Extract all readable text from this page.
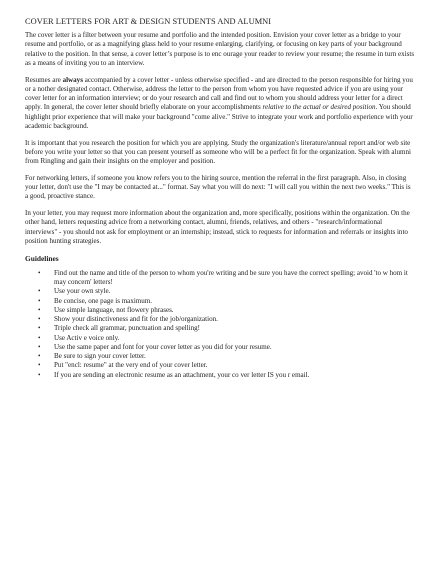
COVER LETTERS FOR ART & DESIGN STUDENTS AND ALUMNI

The cover letter is a filter between your resume and portfolio and the intended position. Envision your cover letter as a bridge to your resume and portfolio, or as a magnifying glass held to your resume enlarging, clarifying, or focusing on key parts of your background relative to the position. In that sense, a cover letter’s purpose is to enc ourage your reader to review your resume; the resume in turn exists as a means of inviting you to an interview.

Resumes are always accompanied by a cover letter - unless otherwise specified - and are directed to the person responsible for hiring you or a nother designated contact. Otherwise, address the letter to the person from whom you have requested advice if you are using your cover letter for an information interview; or do your research and call and find out to whom you should address your letter for a direct apply. In general, the cover letter should briefly elaborate on your accomplishments relative to the actual or desired position. You should highlight prior experience that will make your background "come alive." Strive to integrate your work and portfolio experience with your academic background.

It is important that you research the position for which you are applying. Study the organization's literature/annual report and/or web site before you write your letter so that you can present yourself as someone who will be a perfect fit for the organization. Speak with alumni from Ringling and gain their insights on the employer and position.

For networking letters, if someone you know refers you to the hiring source, mention the referral in the first paragraph. Also, in closing your letter, don't use the "I may be contacted at..." format. Say what you will do next: "I will call you within the next two weeks." This is a good, proactive stance.

In your letter, you may request more information about the organization and, more specifically, positions within the organization. On the other hand, letters requesting advice from a networking contact, alumni, friends, relatives, and others - "research/informational interviews" - you should not ask for employment or an internship; instead, stick to requests for information and referrals or insights into position hunting strategies.

Guidelines
• Find out the name and title of the person to whom you're writing and be sure you have the correct spelling; avoid 'to w hom it may concern' letters!
• Use your own style.
• Be concise, one page is maximum.
• Use simple language, not flowery phrases.
• Show your distinctiveness and fit for the job/organization.
• Triple check all grammar, punctuation and spelling!
• Use Activ e voice only.
• Use the same paper and font for your cover letter as you did for your resume.
• Be sure to sign your cover letter.
• Put "encl: resume" at the very end of your cover letter.
• If you are sending an electronic resume as an attachment, your co ver letter IS you r email.
